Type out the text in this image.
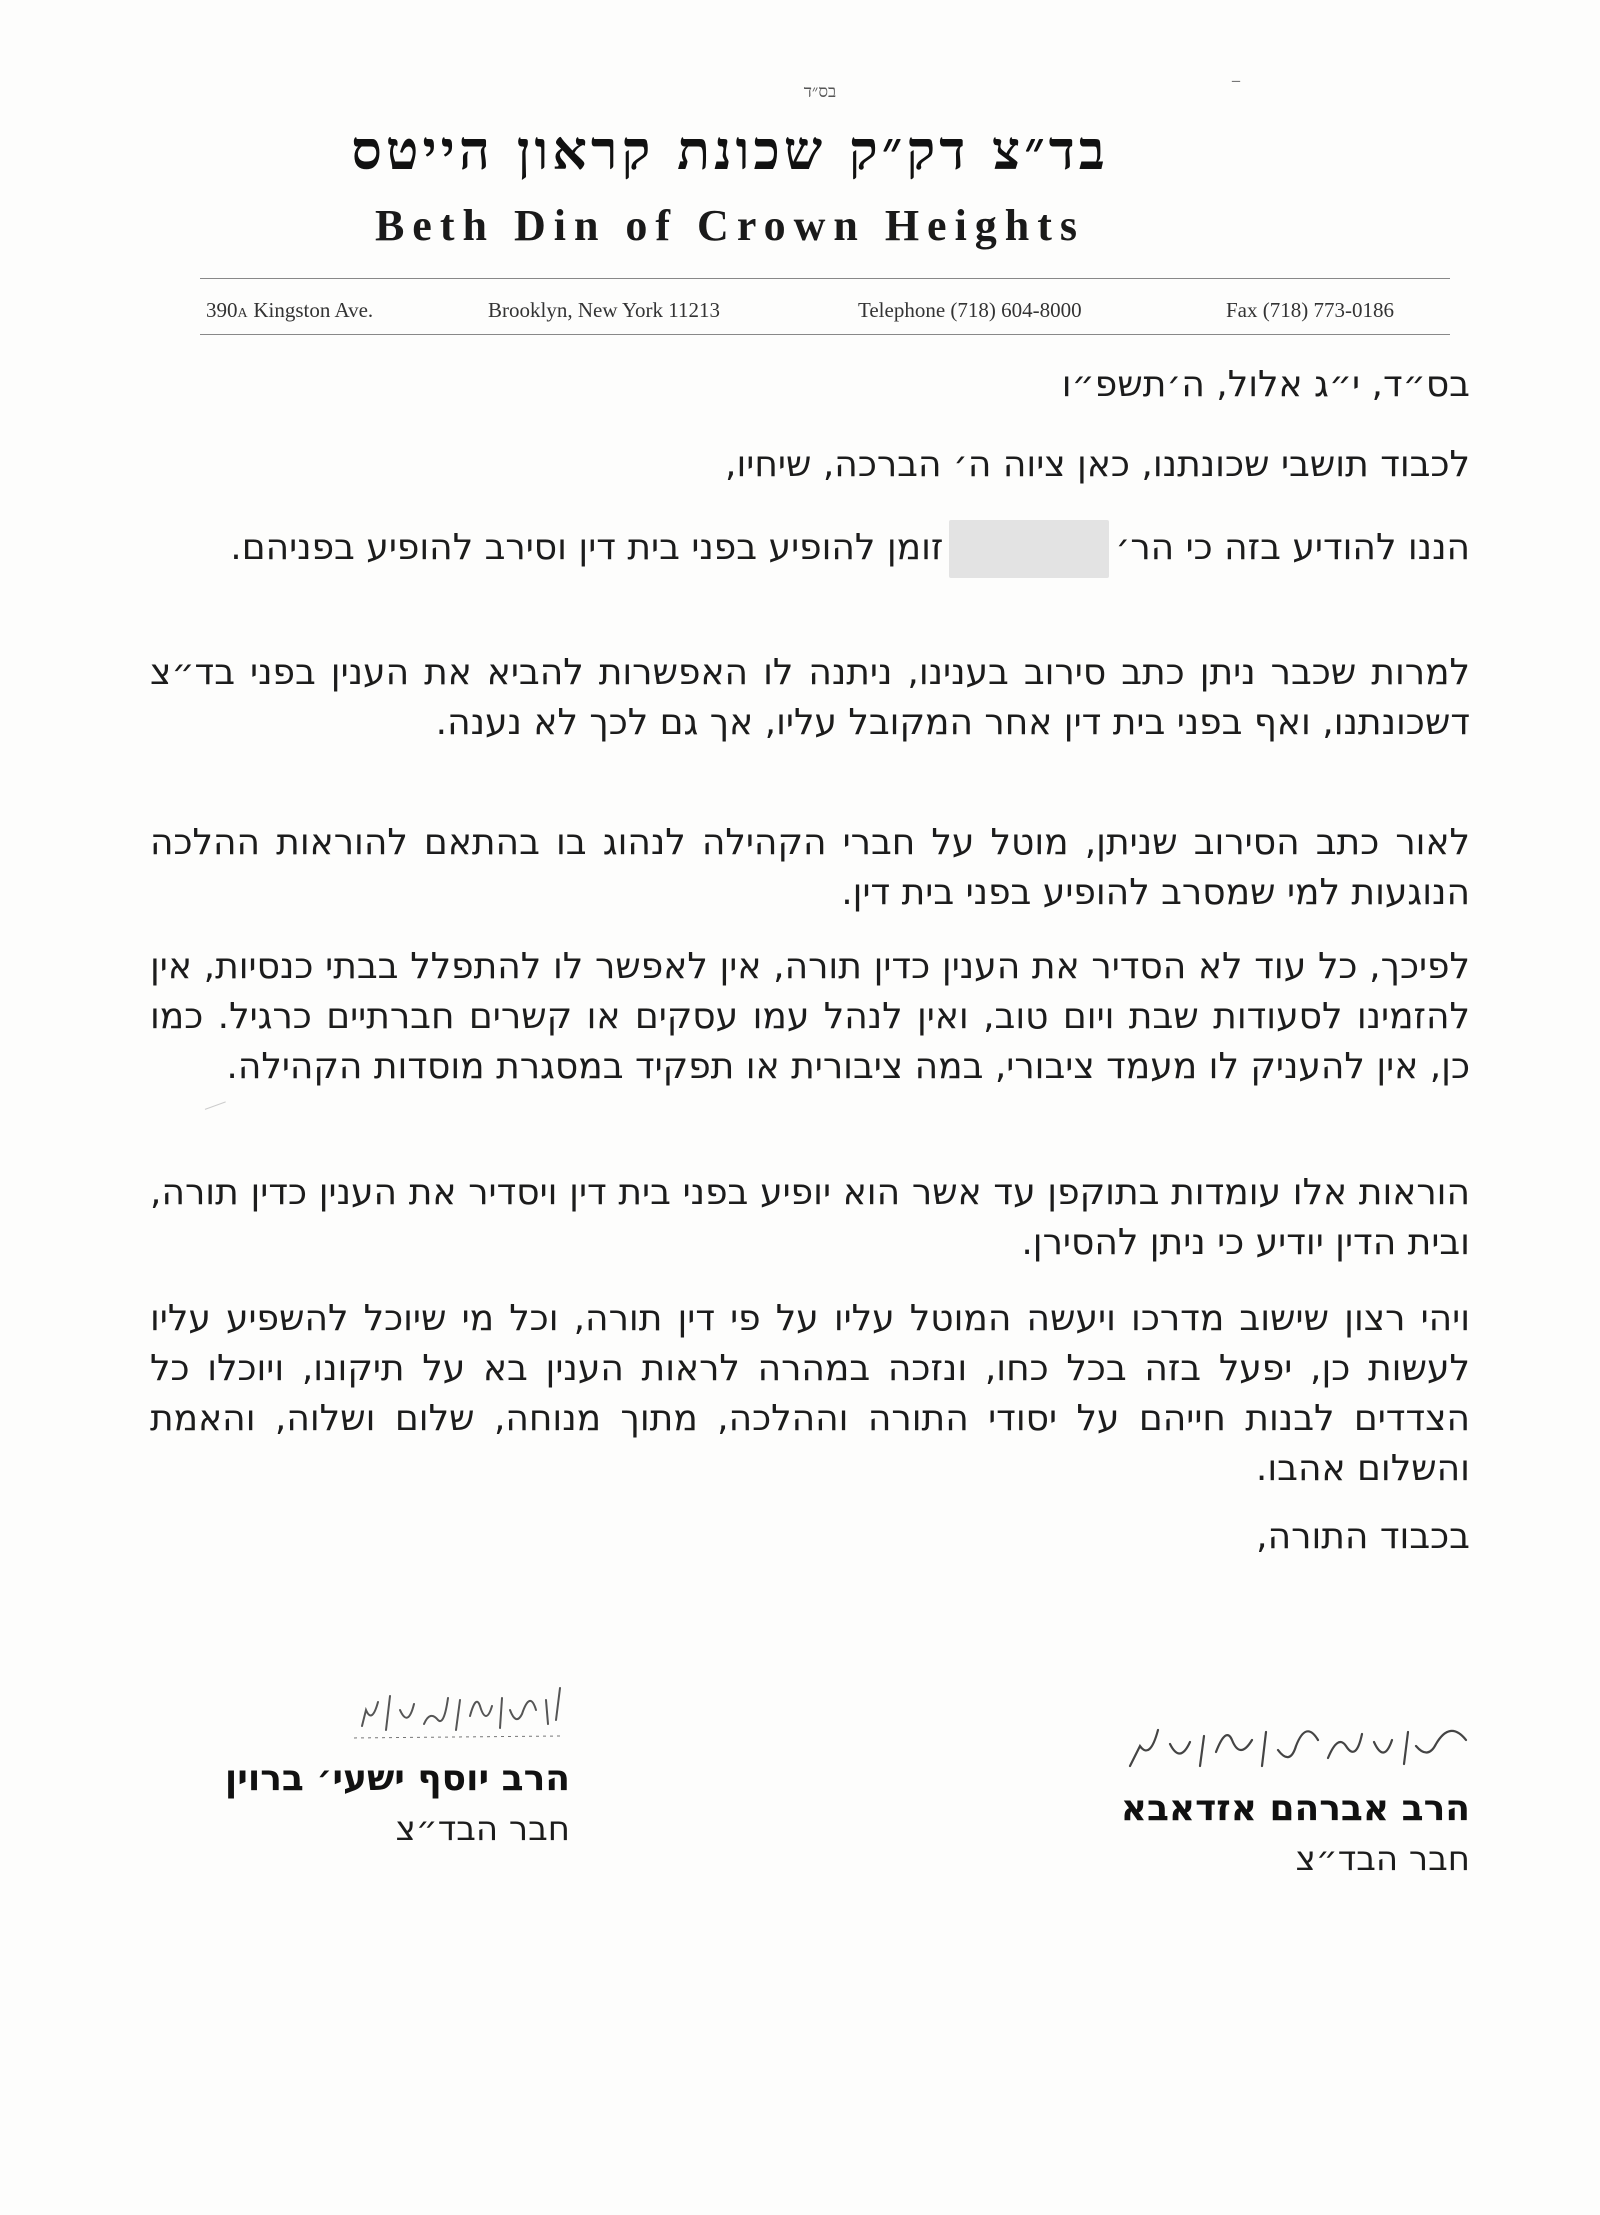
בס״ד	‾
בד״צ דק״ק שכונת קראון הייטס
Beth Din of Crown Heights
390A Kingston Ave.	Brooklyn, New York 11213	Telephone (718) 604-8000	Fax (718) 773-0186
בס״ד, י״ג אלול, ה׳תשפ״ו
לכבוד תושבי שכונתנו, כאן ציוה ה׳ הברכה, שיחיו,
הננו להודיע בזה כי הר׳זומן להופיע בפני בית דין וסירב להופיע בפניהם.
למרות שכבר ניתן כתב סירוב בענינו, ניתנה לו האפשרות להביא את הענין בפני בד״צ דשכונתנו, ואף בפני בית דין אחר המקובל עליו, אך גם לכך לא נענה.
לאור כתב הסירוב שניתן, מוטל על חברי הקהילה לנהוג בו בהתאם להוראות ההלכה הנוגעות למי שמסרב להופיע בפני בית דין.
לפיכך, כל עוד לא הסדיר את הענין כדין תורה, אין לאפשר לו להתפלל בבתי כנסיות, אין להזמינו לסעודות שבת ויום טוב, ואין לנהל עמו עסקים או קשרים חברתיים כרגיל. כמו כן, אין להעניק לו מעמד ציבורי, במה ציבורית או תפקיד במסגרת מוסדות הקהילה.
הוראות אלו עומדות בתוקפן עד אשר הוא יופיע בפני בית דין ויסדיר את הענין כדין תורה, ובית הדין יודיע כי ניתן להסירן.
ויהי רצון שישוב מדרכו ויעשה המוטל עליו על פי דין תורה, וכל מי שיוכל להשפיע עליו לעשות כן, יפעל בזה בכל כחו, ונזכה במהרה לראות הענין בא על תיקונו, ויוכלו כל הצדדים לבנות חייהם על יסודי התורה וההלכה, מתוך מנוחה, שלום ושלוה, והאמת והשלום אהבו.
בכבוד התורה,
הרב יוסף ישעי׳ ברוין
חבר הבד״צ	הרב אברהם אזדאבא
חבר הבד״צ
